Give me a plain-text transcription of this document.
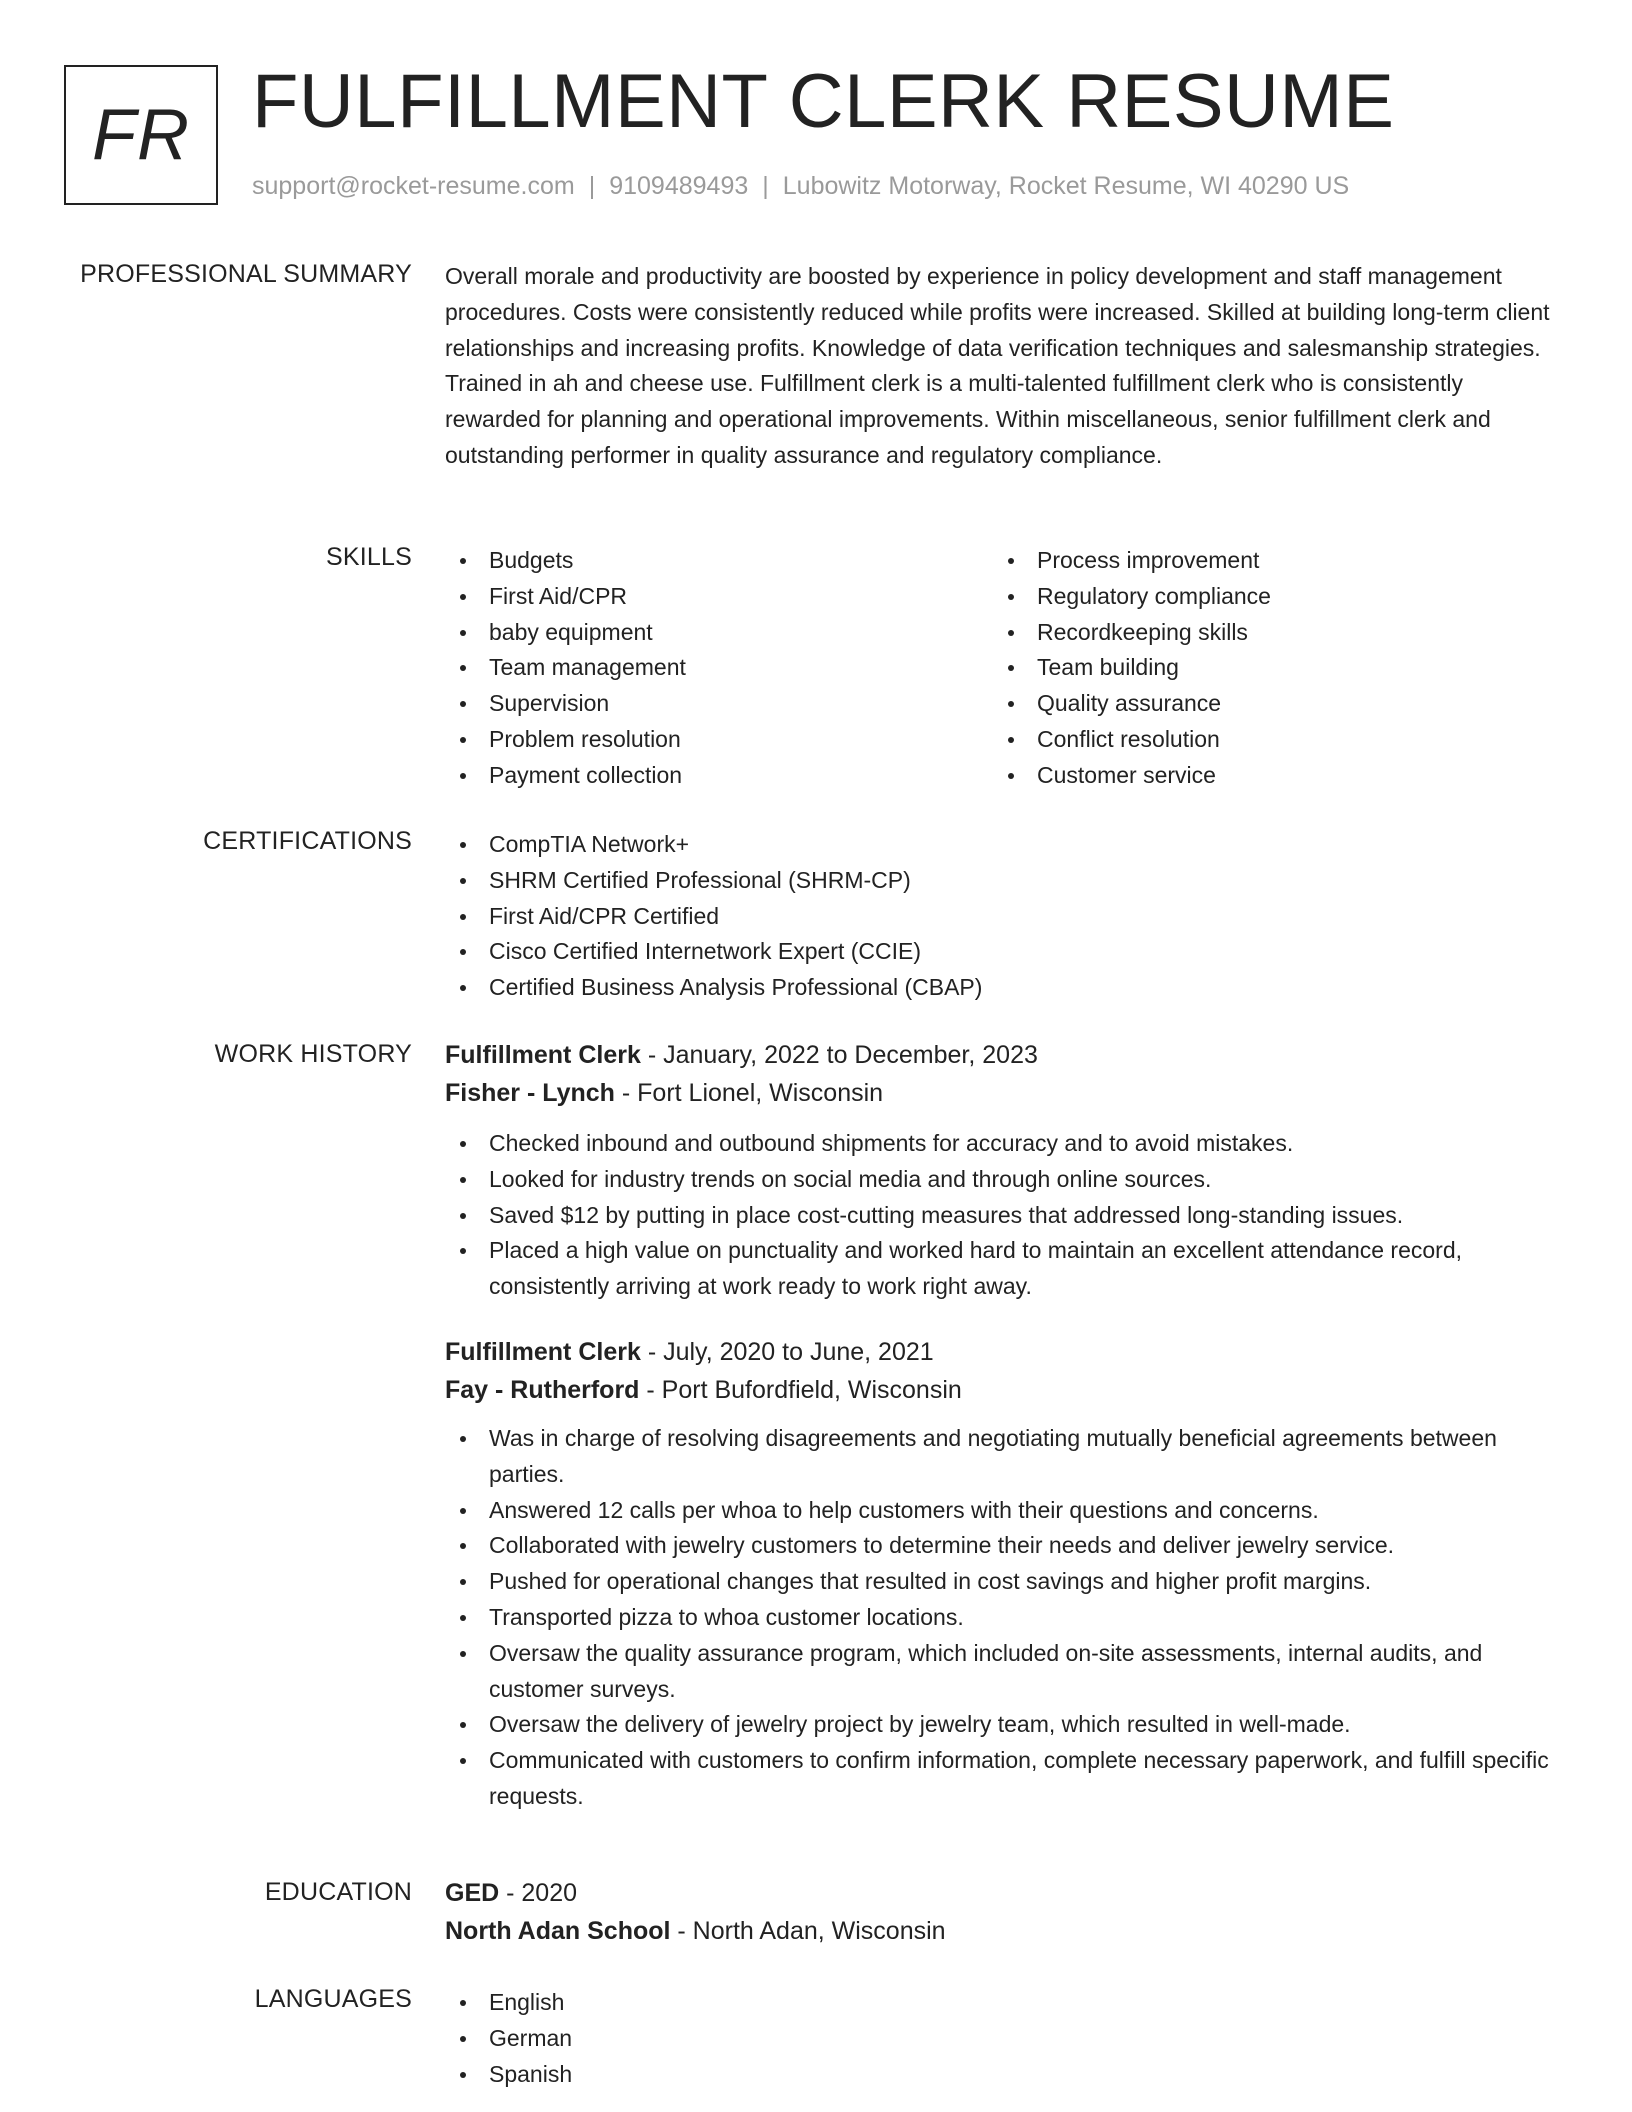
FR FULFILLMENT CLERK RESUME
support@rocket-resume.com | 9109489493 | Lubowitz Motorway, Rocket Resume, WI 40290 US
PROFESSIONAL SUMMARY Overall morale and productivity are boosted by experience in policy development and staff management procedures. Costs were consistently reduced while profits were increased. Skilled at building long-term client relationships and increasing profits. Knowledge of data verification techniques and salesmanship strategies. Trained in ah and cheese use. Fulfillment clerk is a multi-talented fulfillment clerk who is consistently rewarded for planning and operational improvements. Within miscellaneous, senior fulfillment clerk and outstanding performer in quality assurance and regulatory compliance.

SKILLS	Budgets
First Aid/CPR
baby equipment
Team management
Supervision
Problem resolution
Payment collection
Process improvement
Regulatory compliance
Recordkeeping skills
Team building
Quality assurance
Conflict resolution
Customer service
CERTIFICATIONS	CompTIA Network+
SHRM Certified Professional (SHRM-CP)
First Aid/CPR Certified
Cisco Certified Internetwork Expert (CCIE)
Certified Business Analysis Professional (CBAP)
WORK HISTORY Fulfillment Clerk - January, 2022 to December, 2023
Fisher - Lynch - Fort Lionel, Wisconsin
Checked inbound and outbound shipments for accuracy and to avoid mistakes.
Looked for industry trends on social media and through online sources.
Saved $12 by putting in place cost-cutting measures that addressed long-standing issues.
Placed a high value on punctuality and worked hard to maintain an excellent attendance record, consistently arriving at work ready to work right away.
Fulfillment Clerk - July, 2020 to June, 2021
Fay - Rutherford - Port Bufordfield, Wisconsin
Was in charge of resolving disagreements and negotiating mutually beneficial agreements between parties.
Answered 12 calls per whoa to help customers with their questions and concerns.
Collaborated with jewelry customers to determine their needs and deliver jewelry service.
Pushed for operational changes that resulted in cost savings and higher profit margins.
Transported pizza to whoa customer locations.
Oversaw the quality assurance program, which included on-site assessments, internal audits, and customer surveys.
Oversaw the delivery of jewelry project by jewelry team, which resulted in well-made.
Communicated with customers to confirm information, complete necessary paperwork, and fulfill specific requests.
EDUCATION GED - 2020
North Adan School - North Adan, Wisconsin
LANGUAGES	English
German
Spanish
